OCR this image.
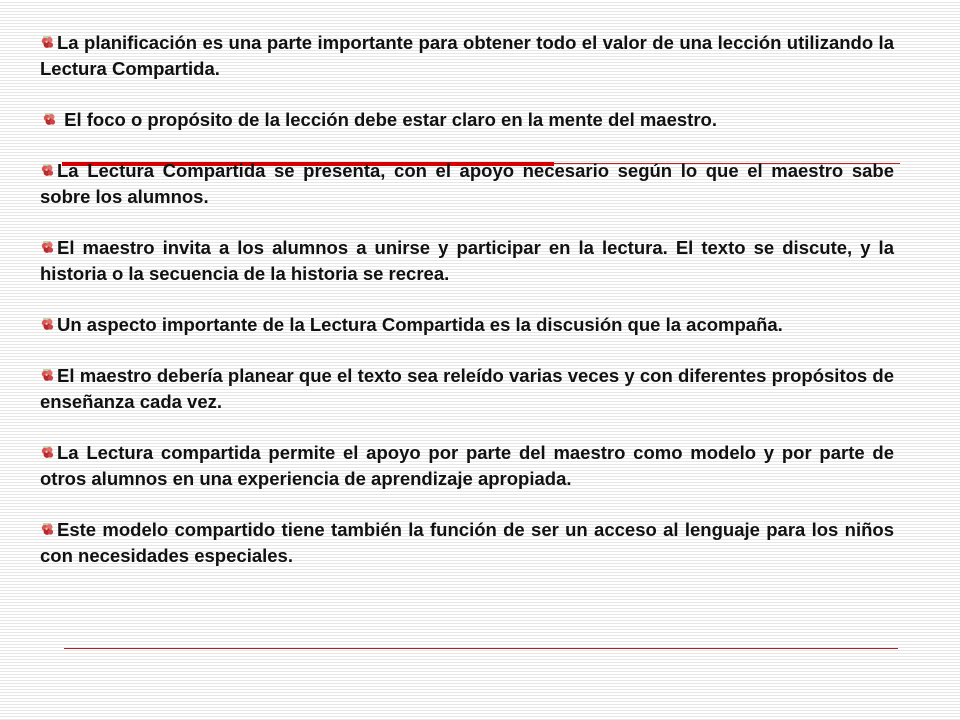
La planificación es una parte importante para obtener todo el valor de una lección utilizando la Lectura Compartida.

El foco o propósito de la lección debe estar claro en la mente del maestro.

La Lectura Compartida se presenta, con el apoyo necesario según lo que el maestro sabe sobre los alumnos.

El maestro invita a los alumnos a unirse y participar en la lectura. El texto se discute, y la historia o la secuencia de la historia se recrea.

Un aspecto importante de la Lectura Compartida es la discusión que la acompaña.

El maestro debería planear que el texto sea releído varias veces y con diferentes propósitos de enseñanza cada vez.

La Lectura compartida permite el apoyo por parte del maestro como modelo y por parte de otros alumnos en una experiencia de aprendizaje apropiada.

Este modelo compartido tiene también la función de ser un acceso al lenguaje para los niños con necesidades especiales.
